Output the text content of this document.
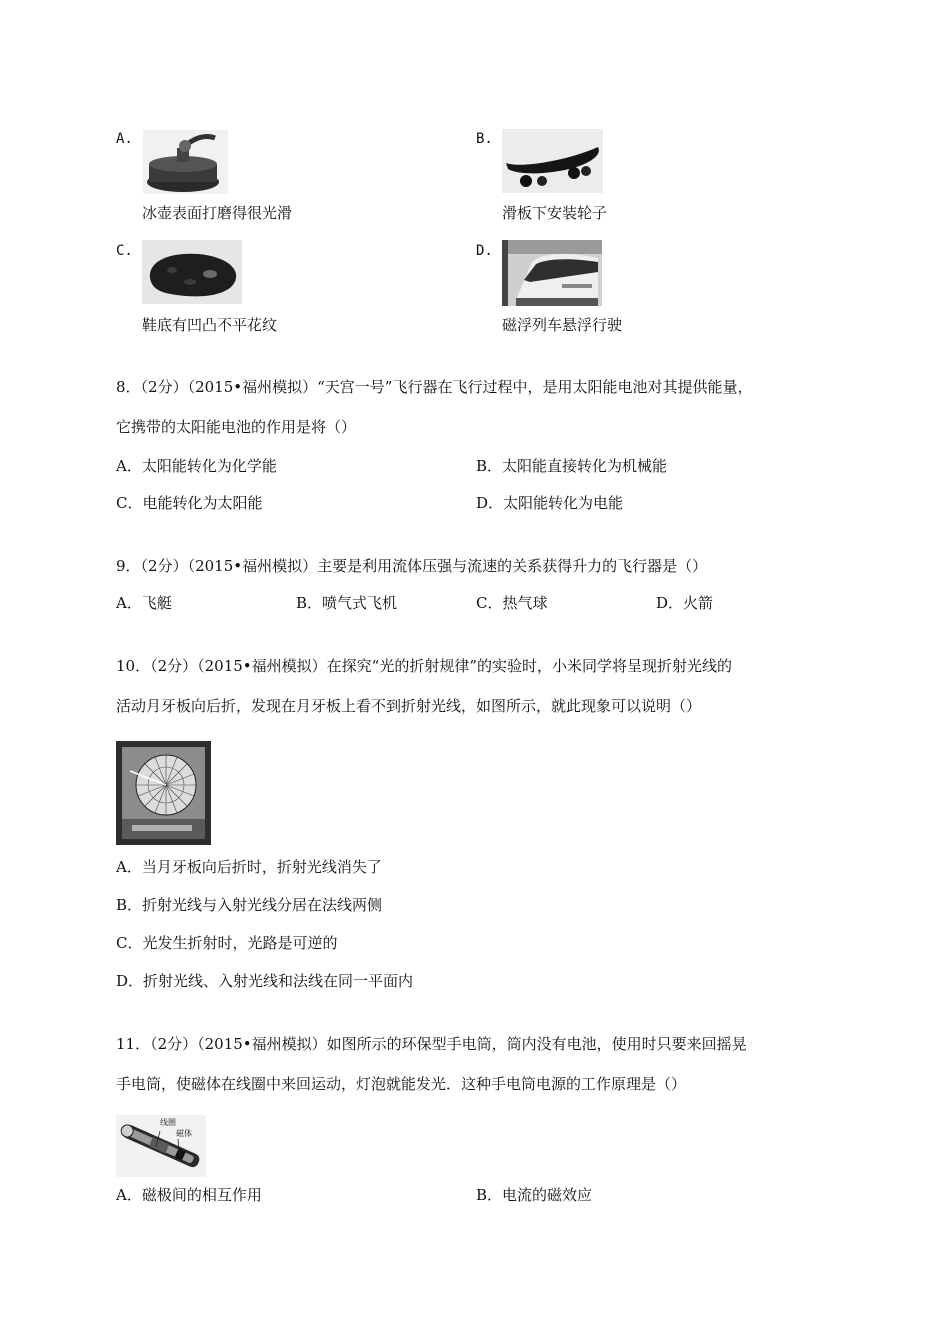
A.
冰壶表面打磨得很光滑
B.
滑板下安装轮子
C.
鞋底有凹凸不平花纹
D.
磁浮列车悬浮行驶
8．（2分）（2015•福州模拟）“天宫一号”飞行器在飞行过程中，是用太阳能电池对其提供能量，
它携带的太阳能电池的作用是将（）
A．太阳能转化为化学能	B．太阳能直接转化为机械能
C．电能转化为太阳能	D．太阳能转化为电能
9．（2分）（2015•福州模拟）主要是利用流体压强与流速的关系获得升力的飞行器是（）
A．飞艇	B．喷气式飞机	C．热气球	D．火箭
10．（2分）（2015•福州模拟）在探究“光的折射规律”的实验时，小米同学将呈现折射光线的
活动月牙板向后折，发现在月牙板上看不到折射光线，如图所示，就此现象可以说明（）
A．当月牙板向后折时，折射光线消失了
B．折射光线与入射光线分居在法线两侧
C．光发生折射时，光路是可逆的
D．折射光线、入射光线和法线在同一平面内
11．（2分）（2015•福州模拟）如图所示的环保型手电筒，筒内没有电池，使用时只要来回摇晃
手电筒，使磁体在线圈中来回运动，灯泡就能发光．这种手电筒电源的工作原理是（）
线圈
磁体
A．磁极间的相互作用	B．电流的磁效应
